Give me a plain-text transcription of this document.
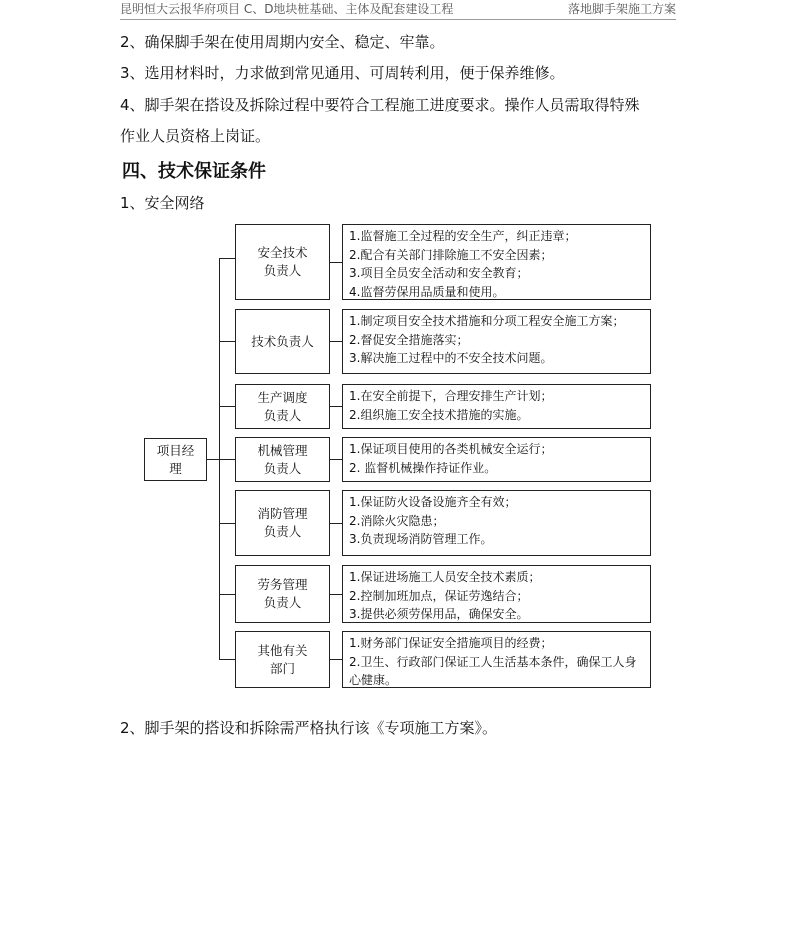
昆明恒大云报华府项目 C、D地块桩基础、主体及配套建设工程	落地脚手架施工方案
2、确保脚手架在使用周期内安全、稳定、牢靠。
3、选用材料时，力求做到常见通用、可周转利用，便于保养维修。
4、脚手架在搭设及拆除过程中要符合工程施工进度要求。操作人员需取得特殊
作业人员资格上岗证。
四、技术保证条件
1、安全网络
项目经理
安全技术
负责人
1.监督施工全过程的安全生产，纠正违章；
2.配合有关部门排除施工不安全因素；
3.项目全员安全活动和安全教育；
4.监督劳保用品质量和使用。
技术负责人
1.制定项目安全技术措施和分项工程安全施工方案；
2.督促安全措施落实；
3.解决施工过程中的不安全技术问题。
生产调度
负责人
1.在安全前提下，合理安排生产计划；
2.组织施工安全技术措施的实施。
机械管理
负责人
1.保证项目使用的各类机械安全运行；
2. 监督机械操作持证作业。
消防管理
负责人
1.保证防火设备设施齐全有效；
2.消除火灾隐患；
3.负责现场消防管理工作。
劳务管理
负责人
1.保证进场施工人员安全技术素质；
2.控制加班加点，保证劳逸结合；
3.提供必须劳保用品，确保安全。
其他有关
部门
1.财务部门保证安全措施项目的经费；
2.卫生、行政部门保证工人生活基本条件，确保工人身
心健康。
2、脚手架的搭设和拆除需严格执行该《专项施工方案》。
